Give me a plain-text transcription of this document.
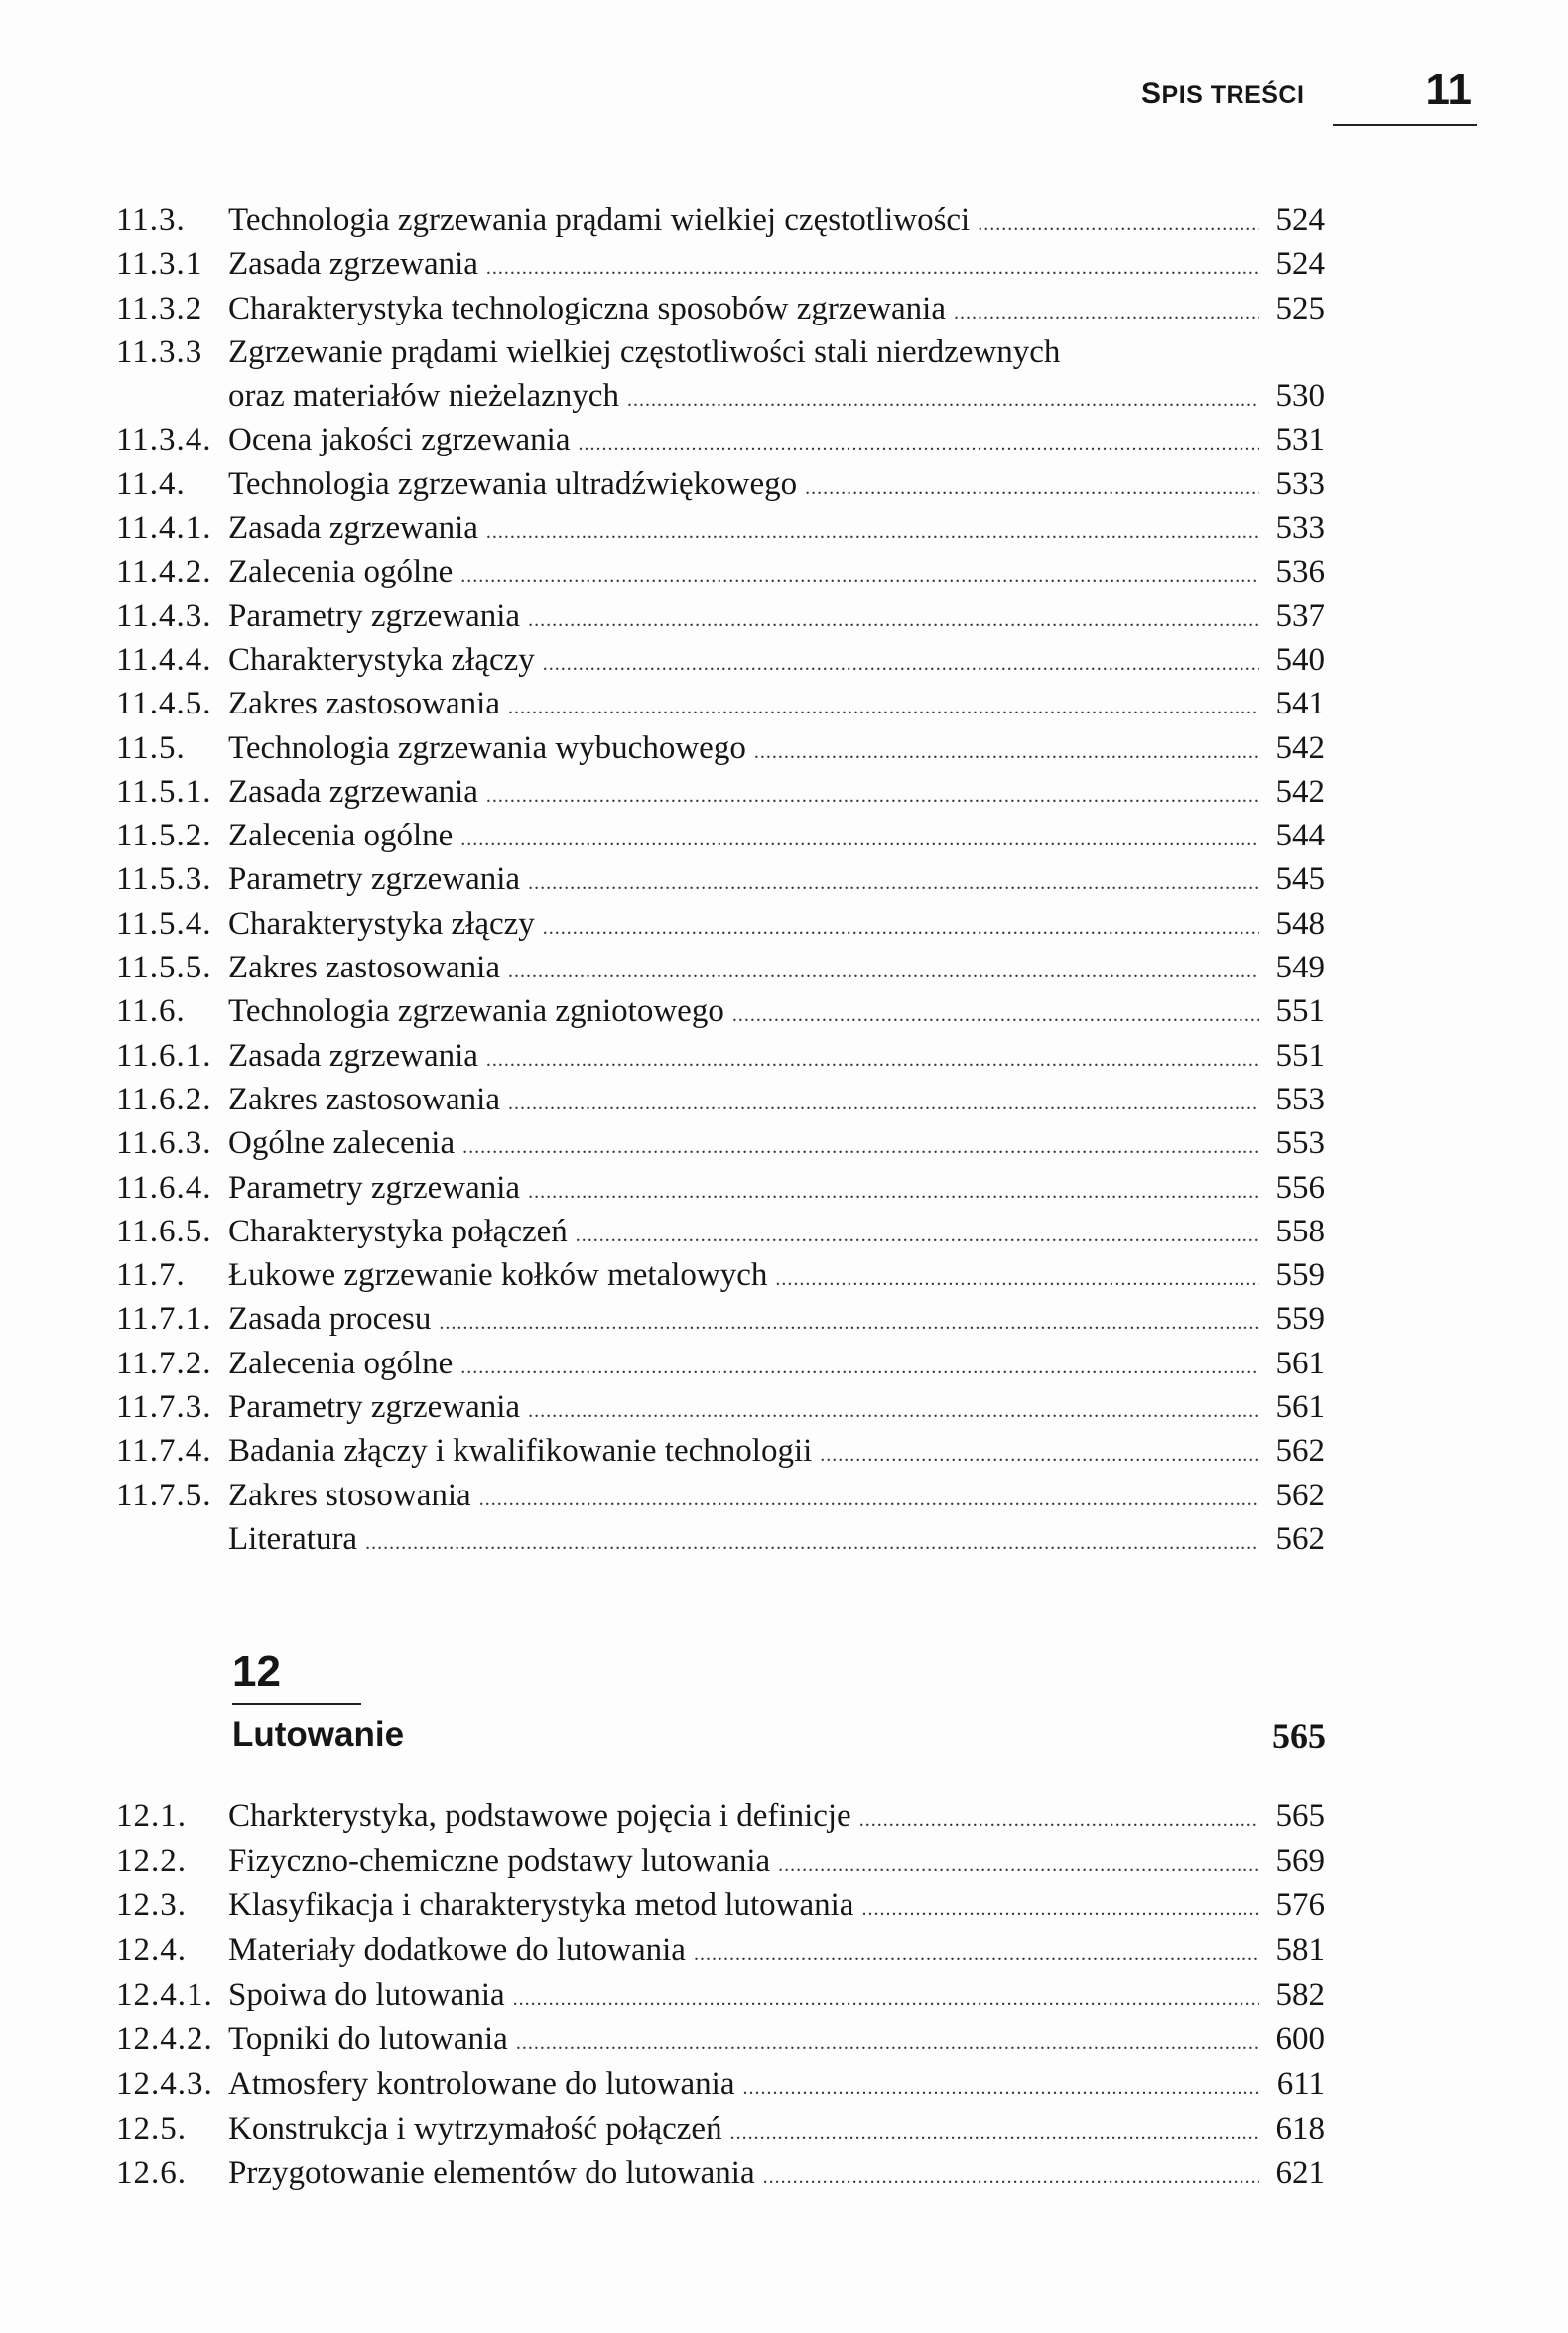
SPIS TREŚCI	11
11.3.	Technologia zgrzewania prądami wielkiej częstotliwości .....	524
11.3.1 Zasada zgrzewania .....	524
11.3.2 Charakterystyka technologiczna sposobów zgrzewania .....	525
11.3.3 Zgrzewanie prądami wielkiej częstotliwości stali nierdzewnych
oraz materiałów nieżelaznych .....	530
11.3.4. Ocena jakości zgrzewania .....	531
11.4.	Technologia zgrzewania ultradźwiękowego .....	533
11.4.1. Zasada zgrzewania .....	533
11.4.2. Zalecenia ogólne .....	536
11.4.3. Parametry zgrzewania .....	537
11.4.4. Charakterystyka złączy .....	540
11.4.5. Zakres zastosowania .....	541
11.5.	Technologia zgrzewania wybuchowego .....	542
11.5.1. Zasada zgrzewania .....	542
11.5.2. Zalecenia ogólne .....	544
11.5.3. Parametry zgrzewania .....	545
11.5.4. Charakterystyka złączy .....	548
11.5.5. Zakres zastosowania .....	549
11.6.	Technologia zgrzewania zgniotowego .....	551
11.6.1. Zasada zgrzewania .....	551
11.6.2. Zakres zastosowania .....	553
11.6.3. Ogólne zalecenia .....	553
11.6.4. Parametry zgrzewania .....	556
11.6.5. Charakterystyka połączeń .....	558
11.7.	Łukowe zgrzewanie kołków metalowych .....	559
11.7.1. Zasada procesu .....	559
11.7.2. Zalecenia ogólne .....	561
11.7.3. Parametry zgrzewania .....	561
11.7.4. Badania złączy i kwalifikowanie technologii .....	562
11.7.5. Zakres stosowania .....	562
Literatura .....	562
12
Lutowanie	565
12.1.	Charkterystyka, podstawowe pojęcia i definicje .....	565
12.2.	Fizyczno-chemiczne podstawy lutowania .....	569
12.3.	Klasyfikacja i charakterystyka metod lutowania .....	576
12.4.	Materiały dodatkowe do lutowania .....	581
12.4.1. Spoiwa do lutowania .....	582
12.4.2. Topniki do lutowania .....	600
12.4.3. Atmosfery kontrolowane do lutowania .....	611
12.5.	Konstrukcja i wytrzymałość połączeń .....	618
12.6.	Przygotowanie elementów do lutowania .....	621
